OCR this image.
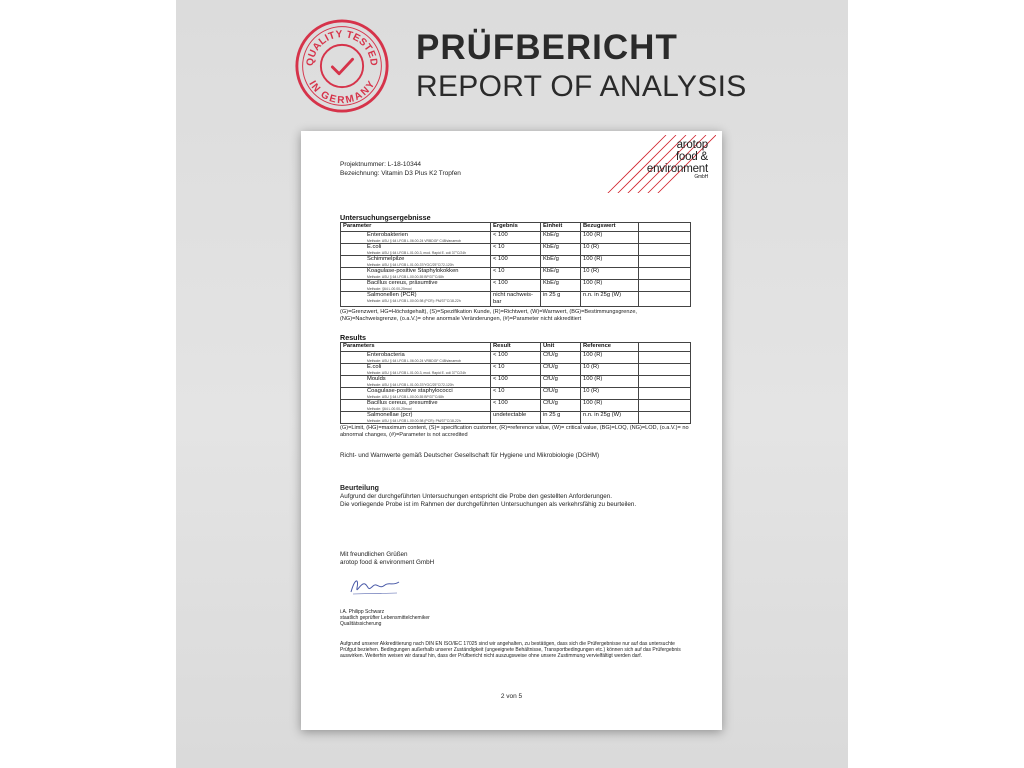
QUALITY TESTED
IN GERMANY
PRÜFBERICHT
REPORT OF ANALYSIS
arotop
food &
environment
GmbH
Projektnummer: L-18-10344
Bezeichnung: Vitamin D3 Plus K2 Tropfen
Untersuchungsergebnisse
Parameter	Ergebnis	Einheit	Bezugswert	
Enterobakterien
Methode: ASU § 64 LFGB L.06.00-24 VRBDGF C48h/anaerob	< 100	KbE/g	100 (R)	
E.coli
Methode: ASU § 64 LFGB L.01.00-3, mod. Rapid E. coli 37°C/24h	< 10	KbE/g	10 (R)	
Schimmelpilze
Methode: ASU § 64 LFGB L.01.00-37/YGC/25°C/72-120h	< 100	KbE/g	100 (R)	
Koagulase-positive Staphylokokken
Methode: ASU § 64 LFGB L.00.00-55 BP/37°C/48h	< 10	KbE/g	10 (R)	
Bacillus cereus, präsumtive
Methode: §64 L.00.00-25mod	< 100	KbE/g	100 (R)	
Salmonellen (PCR)
Methode: ASU § 64 LFGB L.00.00-98 (PCR): PM/37°C/18-22h	nicht nachweis-bar	in 25 g	n.n. in 25g (W)	
(G)=Grenzwert, HG=Höchstgehalt), (S)=Spezifikation Kunde, (R)=Richtwert, (W)=Warnwert, (BG)=Bestimmungsgrenze, (NG)=Nachweisgrenze, (o.a.V.)= ohne anormale Veränderungen, (#)=Parameter nicht akkreditiert
Results
Parameters	Result	Unit	Reference	
Enterobacteria
Methode: ASU § 64 LFGB L.06.00-24 VRBDGF C48h/anaerob	< 100	CfU/g	100 (R)	
E.coli
Methode: ASU § 64 LFGB L.01.00-3, mod. Rapid E. coli 37°C/24h	< 10	CfU/g	10 (R)	
Moulds
Methode: ASU § 64 LFGB L.01.00-37/YGC/25°C/72-120h	< 100	CfU/g	100 (R)	
Coagulase-positive staphylococci
Methode: ASU § 64 LFGB L.00.00-55 BP/37°C/48h	< 10	CfU/g	10 (R)	
Bacillus cereus, presumtive
Methode: §64 L.00.00-25mod	< 100	CfU/g	100 (R)	
Salmonellae (pcr)
Methode: ASU § 64 LFGB L.00.00-98 (PCR): PM/37°C/18-22h	undetectable	in 25 g	n.n. in 25g (W)	
(G)=Limit, (HG)=maximum content, (S)= specification customer, (R)=reference value, (W)= critical value, (BG)=LOQ, (NG)=LOD, (o.a.V.)= no abnormal changes, (#)=Parameter is not accredited
Richt- und Warnwerte gemäß Deutscher Gesellschaft für Hygiene und Mikrobiologie (DGHM)
Beurteilung
Aufgrund der durchgeführten Untersuchungen entspricht die Probe den gestellten Anforderungen.
Die vorliegende Probe ist im Rahmen der durchgeführten Untersuchungen als verkehrsfähig zu beurteilen.
Mit freundlichen Grüßen
arotop food & environment GmbH
i.A. Philipp Schwarz
staatlich geprüfter Lebensmittelchemiker
Qualitätssicherung
Aufgrund unserer Akkreditierung nach DIN EN ISO/IEC 17025 sind wir angehalten, zu bestätigen, dass sich die Prüfergebnisse nur auf das untersuchte Prüfgut beziehen. Bedingungen außerhalb unserer Zuständigkeit (ungeeignete Behältnisse, Transportbedingungen etc.) können sich auf das Prüfergebnis auswirken. Weiterhin weisen wir darauf hin, dass der Prüfbericht nicht auszugsweise ohne unsere Zustimmung vervielfältigt werden darf.
2 von 5
